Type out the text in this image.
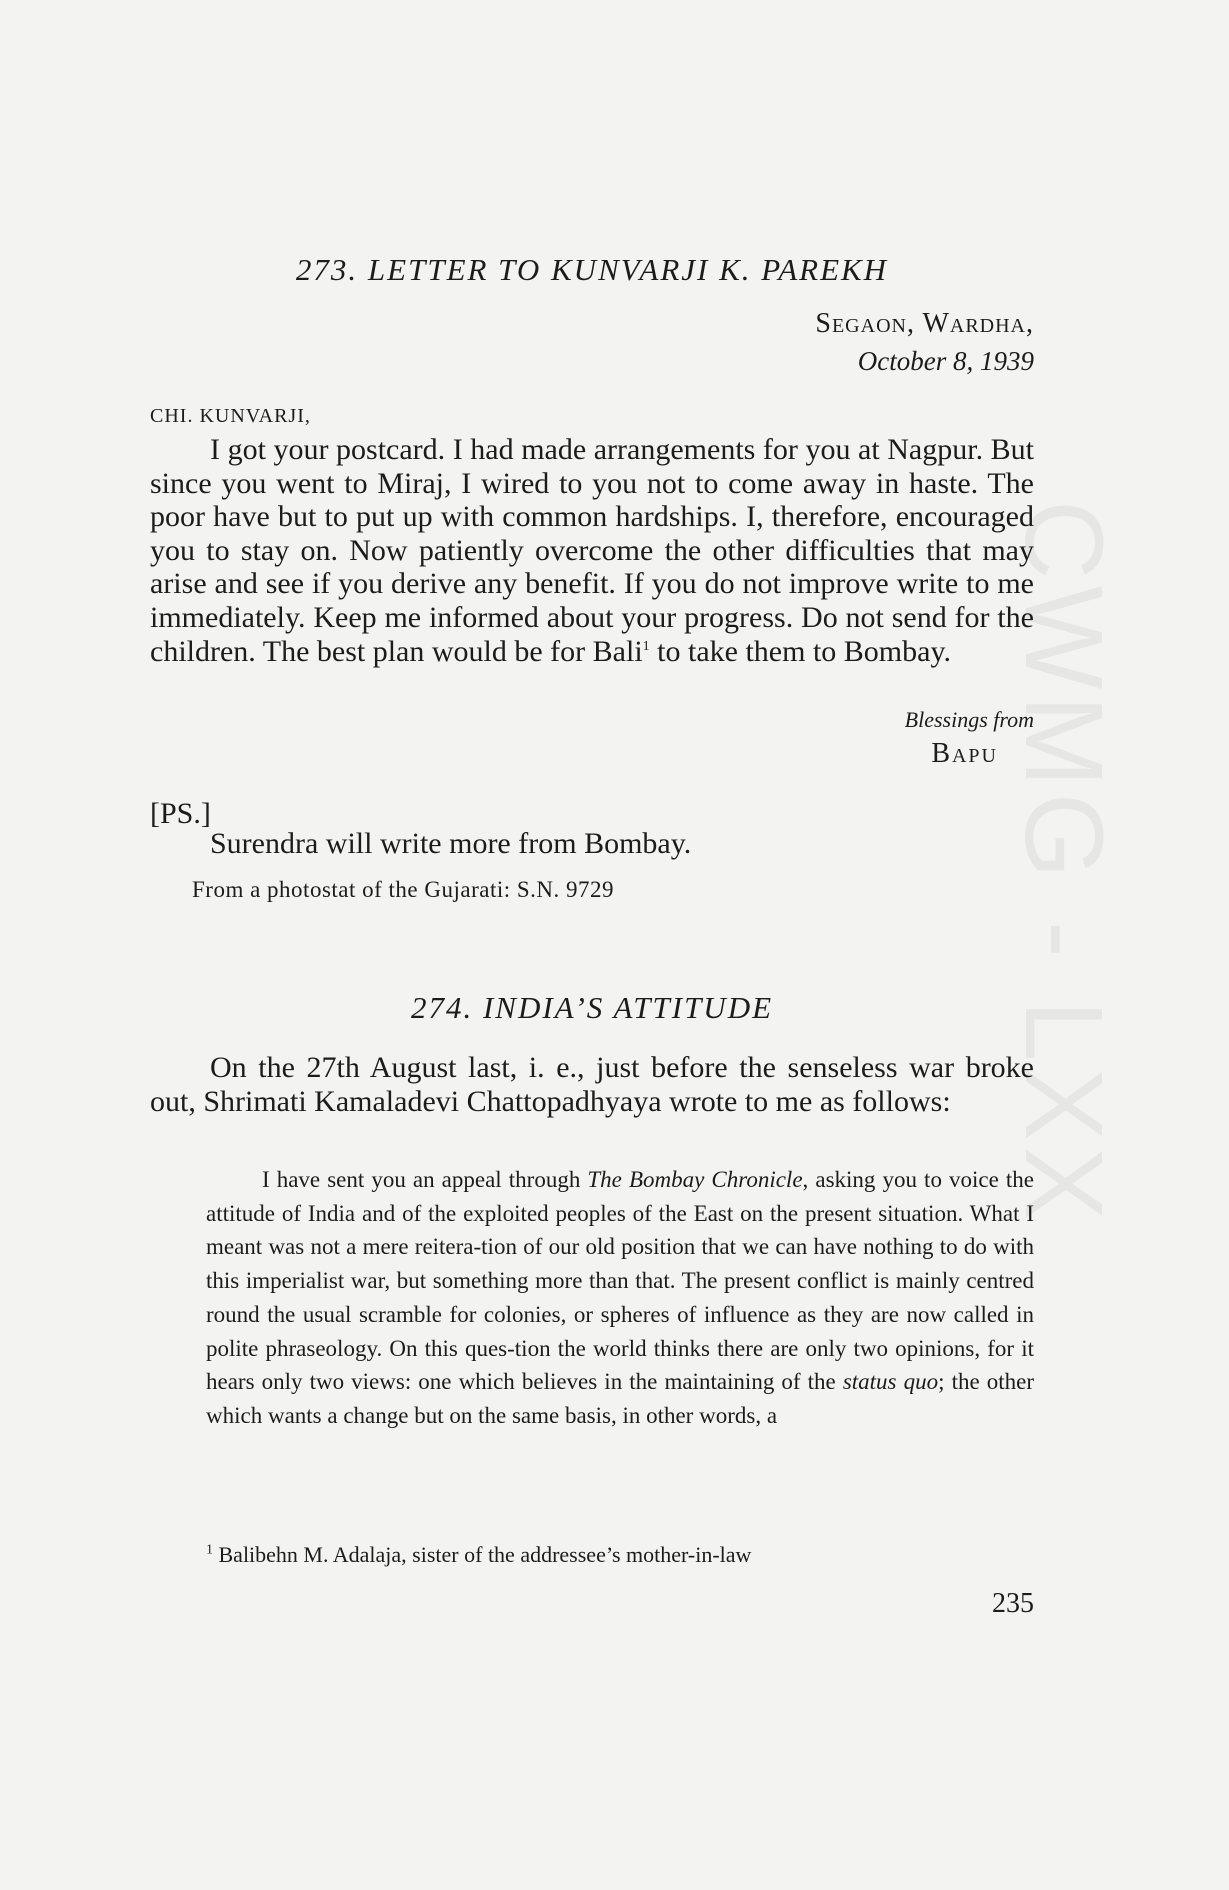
CWMG - LXX
273. LETTER TO KUNVARJI K. PAREKH
Segaon, Wardha,
October 8, 1939
CHI. KUNVARJI,
I got your postcard. I had made arrangements for you at Nagpur. But since you went to Miraj, I wired to you not to come away in haste. The poor have but to put up with common hardships. I, therefore, encouraged you to stay on. Now patiently overcome the other difficulties that may arise and see if you derive any benefit. If you do not improve write to me immediately. Keep me informed about your progress. Do not send for the children. The best plan would be for Bali$^1$ to take them to Bombay.
Blessings from
Bapu
[PS.]
Surendra will write more from Bombay.
From a photostat of the Gujarati: S.N. 9729
274. INDIA’S ATTITUDE
On the 27th August last, i. e., just before the senseless war broke out, Shrimati Kamaladevi Chattopadhyaya wrote to me as follows:
I have sent you an appeal through The Bombay Chronicle, asking you to voice the attitude of India and of the exploited peoples of the East on the present situation. What I meant was not a mere reitera-tion of our old position that we can have nothing to do with this imperialist war, but something more than that. The present conflict is mainly centred round the usual scramble for colonies, or spheres of influence as they are now called in polite phraseology. On this ques-tion the world thinks there are only two opinions, for it hears only two views: one which believes in the maintaining of the status quo; the other which wants a change but on the same basis, in other words, a
$^1$ Balibehn M. Adalaja, sister of the addressee’s mother-in-law
235
